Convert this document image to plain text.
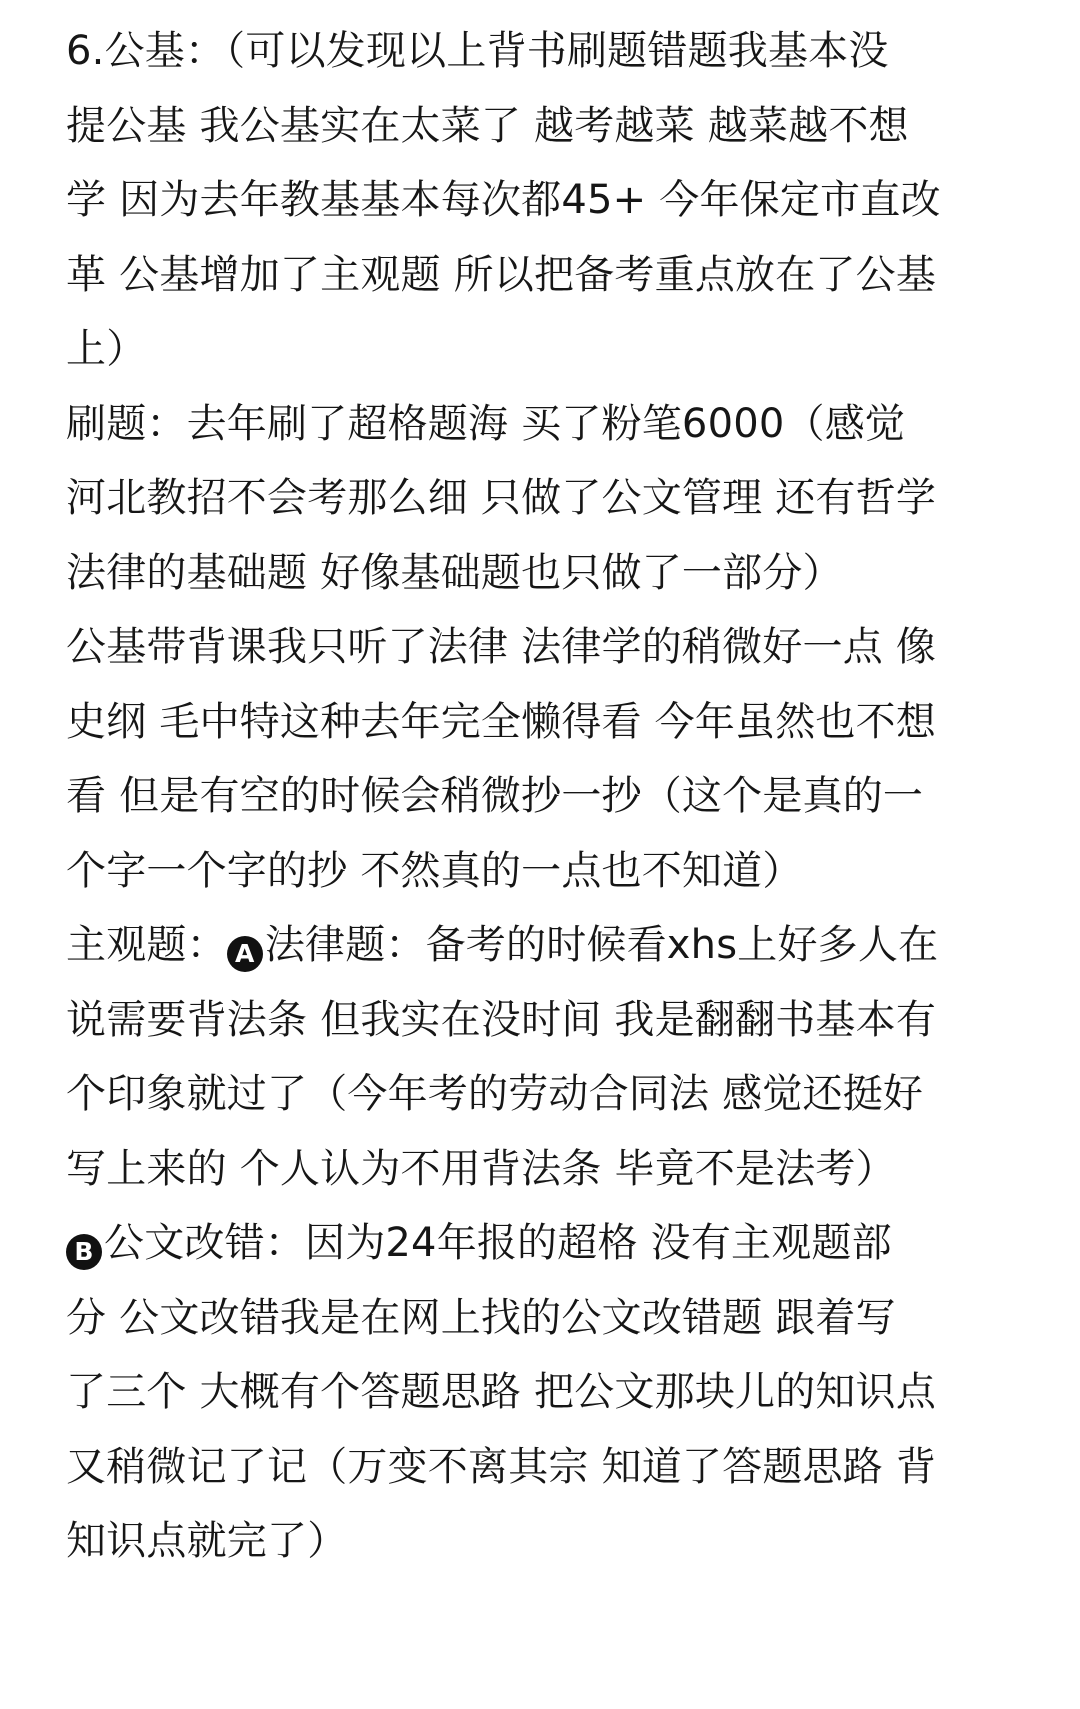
6.公基：（可以发现以上背书刷题错题我基本没
提公基 我公基实在太菜了 越考越菜 越菜越不想
学 因为去年教基基本每次都45+ 今年保定市直改
革 公基增加了主观题 所以把备考重点放在了公基
上）
刷题：去年刷了超格题海 买了粉笔6000（感觉
河北教招不会考那么细 只做了公文管理 还有哲学
法律的基础题 好像基础题也只做了一部分）
公基带背课我只听了法律 法律学的稍微好一点 像
史纲 毛中特这种去年完全懒得看 今年虽然也不想
看 但是有空的时候会稍微抄一抄（这个是真的一
个字一个字的抄 不然真的一点也不知道）
主观题： A 法律题：备考的时候看xhs上好多人在
说需要背法条 但我实在没时间 我是翻翻书基本有
个印象就过了（今年考的劳动合同法 感觉还挺好
写上来的 个人认为不用背法条 毕竟不是法考）
B 公文改错：因为24年报的超格 没有主观题部
分 公文改错我是在网上找的公文改错题 跟着写
了三个 大概有个答题思路 把公文那块儿的知识点
又稍微记了记（万变不离其宗 知道了答题思路 背
知识点就完了）
